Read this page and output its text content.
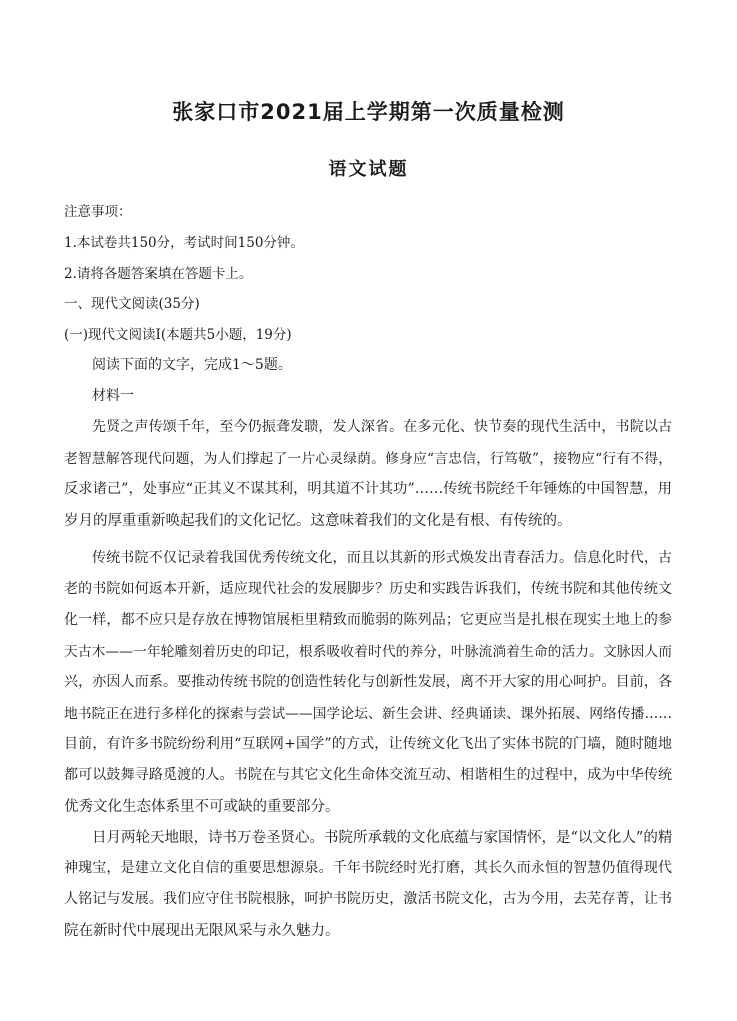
张家口市2021届上学期第一次质量检测
语文试题
注意事项：
1.本试卷共150分，考试时间150分钟。
2.请将各题答案填在答题卡上。
一、现代文阅读(35分)
(一)现代文阅读Ⅰ(本题共5小题，19分)
阅读下面的文字，完成1～5题。
材料一
先贤之声传颂千年，至今仍振聋发聩，发人深省。在多元化、快节奏的现代生活中，书院以古
老智慧解答现代问题，为人们撑起了一片心灵绿荫。修身应“言忠信，行笃敬”，接物应“行有不得，
反求诸己”，处事应“正其义不谋其利，明其道不计其功”……传统书院经千年锤炼的中国智慧，用
岁月的厚重重新唤起我们的文化记忆。这意味着我们的文化是有根、有传统的。
传统书院不仅记录着我国优秀传统文化，而且以其新的形式焕发出青春活力。信息化时代，古
老的书院如何返本开新，适应现代社会的发展脚步？历史和实践告诉我们，传统书院和其他传统文
化一样，都不应只是存放在博物馆展柜里精致而脆弱的陈列品；它更应当是扎根在现实土地上的参
天古木——一年轮雕刻着历史的印记，根系吸收着时代的养分，叶脉流淌着生命的活力。文脉因人而
兴，亦因人而系。要推动传统书院的创造性转化与创新性发展，离不开大家的用心呵护。目前，各
地书院正在进行多样化的探索与尝试——国学论坛、新生会讲、经典诵读、课外拓展、网络传播……
目前，有许多书院纷纷利用“互联网+国学”的方式，让传统文化飞出了实体书院的门墙，随时随地
都可以鼓舞寻路觅渡的人。书院在与其它文化生命体交流互动、相谐相生的过程中，成为中华传统
优秀文化生态体系里不可或缺的重要部分。
日月两轮天地眼，诗书万卷圣贤心。书院所承载的文化底蕴与家国情怀，是“以文化人”的精
神瑰宝，是建立文化自信的重要思想源泉。千年书院经时光打磨，其长久而永恒的智慧仍值得现代
人铭记与发展。我们应守住书院根脉，呵护书院历史，激活书院文化，古为今用，去芜存菁，让书
院在新时代中展现出无限风采与永久魅力。
